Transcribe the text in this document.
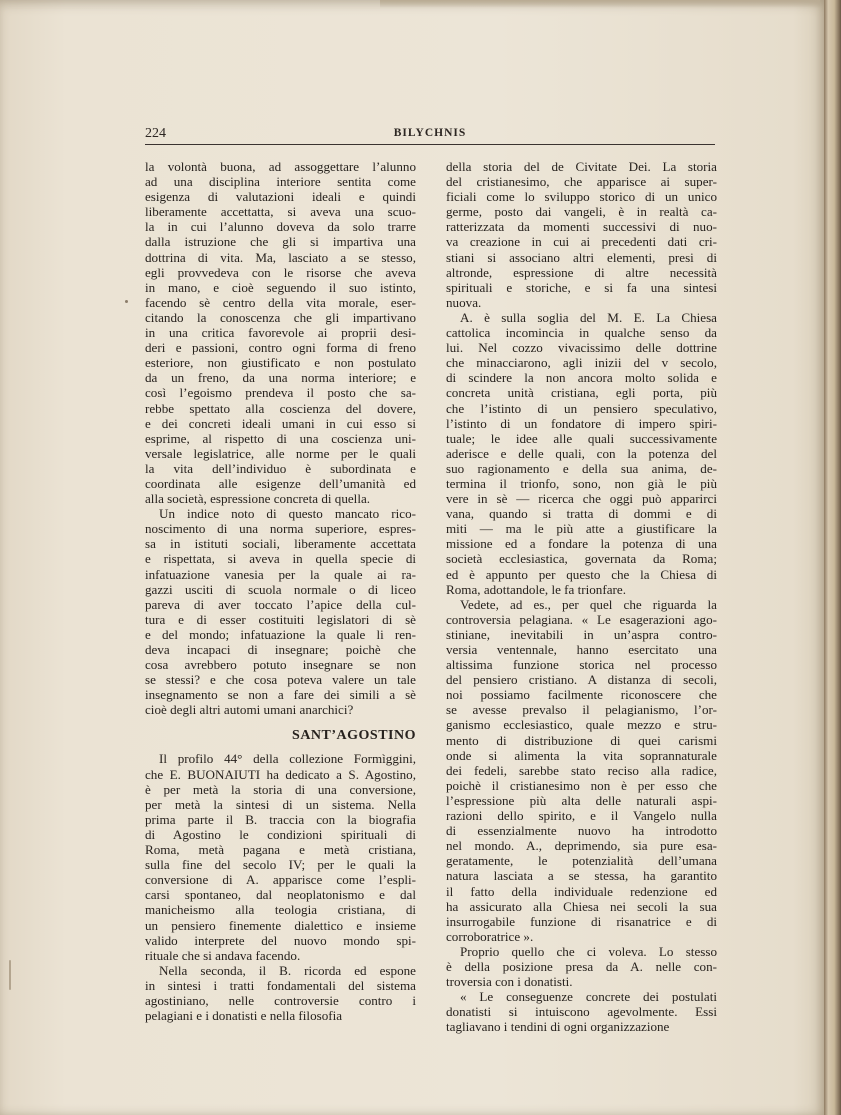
224	BILYCHNIS
la volontà buona, ad assoggettare l’alunno
ad una disciplina interiore sentita come
esigenza di valutazioni ideali e quindi
liberamente accettatta, si aveva una scuo-
la in cui l’alunno doveva da solo trarre
dalla istruzione che gli si impartiva una
dottrina di vita. Ma, lasciato a se stesso,
egli provvedeva con le risorse che aveva
in mano, e cioè seguendo il suo istinto,
facendo sè centro della vita morale, eser-
citando la conoscenza che gli impartivano
in una critica favorevole ai proprii desi-
deri e passioni, contro ogni forma di freno
esteriore, non giustificato e non postulato
da un freno, da una norma interiore; e
così l’egoismo prendeva il posto che sa-
rebbe spettato alla coscienza del dovere,
e dei concreti ideali umani in cui esso si
esprime, al rispetto di una coscienza uni-
versale legislatrice, alle norme per le quali
la vita dell’individuo è subordinata e
coordinata alle esigenze dell’umanità ed
alla società, espressione concreta di quella.
Un indice noto di questo mancato rico-
noscimento di una norma superiore, espres-
sa in istituti sociali, liberamente accettata
e rispettata, si aveva in quella specie di
infatuazione vanesia per la quale ai ra-
gazzi usciti di scuola normale o di liceo
pareva di aver toccato l’apice della cul-
tura e di esser costituiti legislatori di sè
e del mondo; infatuazione la quale li ren-
deva incapaci di insegnare; poichè che
cosa avrebbero potuto insegnare se non
se stessi? e che cosa poteva valere un tale
insegnamento se non a fare dei simili a sè
cioè degli altri automi umani anarchici?
SANT’AGOSTINO
Il profilo 44° della collezione Formìggini,
che E. BUONAIUTI ha dedicato a S. Agostino,
è per metà la storia di una conversione,
per metà la sintesi di un sistema. Nella
prima parte il B. traccia con la biografia
di Agostino le condizioni spirituali di
Roma, metà pagana e metà cristiana,
sulla fine del secolo IV; per le quali la
conversione di A. apparisce come l’espli-
carsi spontaneo, dal neoplatonismo e dal
manicheismo alla teologia cristiana, di
un pensiero finemente dialettico e insieme
valido interprete del nuovo mondo spi-
rituale che si andava facendo.
Nella seconda, il B. ricorda ed espone
in sintesi i tratti fondamentali del sistema
agostiniano, nelle controversie contro i
pelagiani e i donatisti e nella filosofia
della storia del de Civitate Dei. La storia
del cristianesimo, che apparisce ai super-
ficiali come lo sviluppo storico di un unico
germe, posto dai vangeli, è in realtà ca-
ratterizzata da momenti successivi di nuo-
va creazione in cui ai precedenti dati cri-
stiani si associano altri elementi, presi di
altronde, espressione di altre necessità
spirituali e storiche, e si fa una sintesi
nuova.
A. è sulla soglia del M. E. La Chiesa
cattolica incomincia in qualche senso da
lui. Nel cozzo vivacissimo delle dottrine
che minacciarono, agli inizii del v secolo,
di scindere la non ancora molto solida e
concreta unità cristiana, egli porta, più
che l’istinto di un pensiero speculativo,
l’istinto di un fondatore di impero spiri-
tuale; le idee alle quali successivamente
aderisce e delle quali, con la potenza del
suo ragionamento e della sua anima, de-
termina il trionfo, sono, non già le più
vere in sè — ricerca che oggi può apparirci
vana, quando si tratta di dommi e di
miti — ma le più atte a giustificare la
missione ed a fondare la potenza di una
società ecclesiastica, governata da Roma;
ed è appunto per questo che la Chiesa di
Roma, adottandole, le fa trionfare.
Vedete, ad es., per quel che riguarda la
controversia pelagiana. « Le esagerazioni ago-
stiniane, inevitabili in un’aspra contro-
versia ventennale, hanno esercitato una
altissima funzione storica nel processo
del pensiero cristiano. A distanza di secoli,
noi possiamo facilmente riconoscere che
se avesse prevalso il pelagianismo, l’or-
ganismo ecclesiastico, quale mezzo e stru-
mento di distribuzione di quei carismi
onde si alimenta la vita soprannaturale
dei fedeli, sarebbe stato reciso alla radice,
poichè il cristianesimo non è per esso che
l’espressione più alta delle naturali aspi-
razioni dello spirito, e il Vangelo nulla
di essenzialmente nuovo ha introdotto
nel mondo. A., deprimendo, sia pure esa-
geratamente, le potenzialità dell’umana
natura lasciata a se stessa, ha garantito
il fatto della individuale redenzione ed
ha assicurato alla Chiesa nei secoli la sua
insurrogabile funzione di risanatrice e di
corroboratrice ».
Proprio quello che ci voleva. Lo stesso
è della posizione presa da A. nelle con-
troversia con i donatisti.
« Le conseguenze concrete dei postulati
donatisti si intuiscono agevolmente. Essi
tagliavano i tendini di ogni organizzazione
